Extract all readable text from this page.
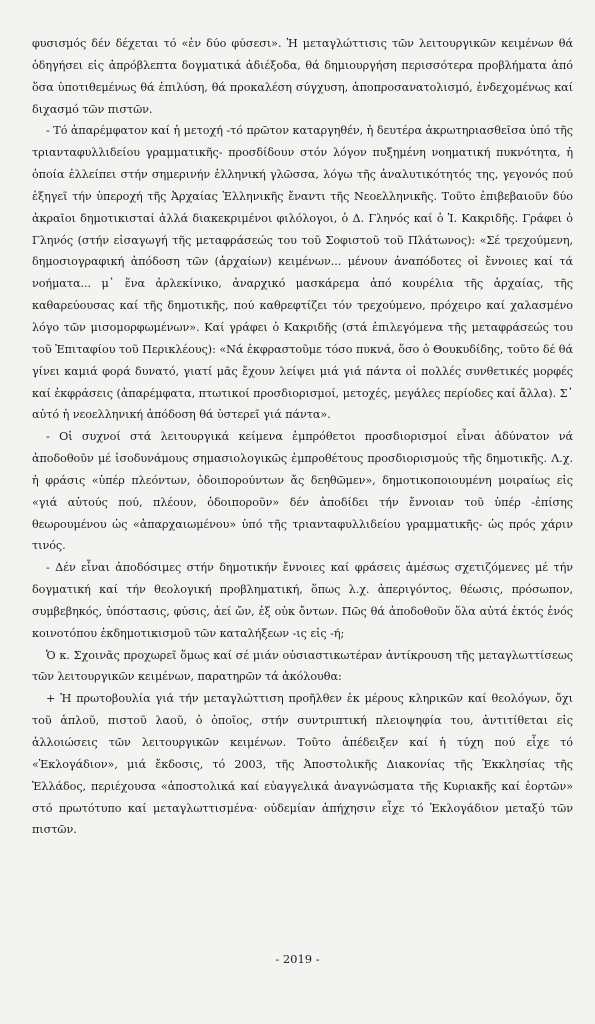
φυσισμός δέν δέχεται τό «ἐν δύο φύσεσι». Ἡ μεταγλώττισις τῶν λειτουργικῶν κειμένων θά ὁδηγήσει εἰς ἀπρόβλεπτα δογματικά ἀδιέξοδα, θά δημιουργήση περισσότερα προβλήματα ἀπό ὅσα ὑποτιθεμένως θά ἐπιλύση, θά προκαλέση σύγχυση, ἀποπροσανατολισμό, ἐνδεχομένως καί διχασμό τῶν πιστῶν.

- Τό ἀπαρέμφατον καί ἡ μετοχή -τό πρῶτον καταργηθέν, ἡ δευτέρα ἀκρωτηριασθεῖσα ὑπό τῆς τριανταφυλλιδείου γραμματικῆς- προσδίδουν στόν λόγον πυξημένη νοηματική πυκνότητα, ἡ ὁποία ἐλλείπει στήν σημερινήν ἑλληνική γλῶσσα, λόγω τῆς ἀναλυτικότητός της, γεγονός πού ἐξηγεῖ τήν ὑπεροχή τῆς Ἀρχαίας Ἑλληνικῆς ἔναντι τῆς Νεοελληνικῆς. Τοῦτο ἐπιβεβαιοῦν δύο ἀκραῖοι δημοτικισταί ἀλλά διακεκριμένοι φιλόλογοι, ὁ Δ. Γληνός καί ὁ Ἰ. Κακριδῆς. Γράφει ὁ Γληνός (στήν εἰσαγωγή τῆς μεταφράσεώς του τοῦ Σοφιστοῦ τοῦ Πλάτωνος): «Σέ τρεχούμενη, δημοσιογραφική ἀπόδοση τῶν (ἀρχαίων) κειμένων... μένουν ἀναπόδοτες οἱ ἔννοιες καί τά νοήματα... μ᾽ ἕνα ἀρλεκίνικο, ἀναρχικό μασκάρεμα ἀπό κουρέλια τῆς ἀρχαίας, τῆς καθαρεύουσας καί τῆς δημοτικῆς, πού καθρεφτίζει τόν τρεχούμενο, πρόχειρο καί χαλασμένο λόγο τῶν μισομορφωμένων». Καί γράφει ὁ Κακριδῆς (στά ἐπιλεγόμενα τῆς μεταφράσεώς του τοῦ Ἐπιταφίου τοῦ Περικλέους): «Νά ἐκφραστοῦμε τόσο πυκνά, ὅσο ὁ Θουκυδίδης, τοῦτο δέ θά γίνει καμιά φορά δυνατό, γιατί μᾶς ἔχουν λείψει μιά γιά πάντα οἱ πολλές συνθετικές μορφές καί ἐκφράσεις (ἀπαρέμφατα, πτωτικοί προσδιορισμοί, μετοχές, μεγάλες περίοδες καί ἄλλα). Σ᾽ αὐτό ἡ νεοελληνική ἀπόδοση θά ὑστερεῖ γιά πάντα».

- Οἱ συχνοί στά λειτουργικά κείμενα ἐμπρόθετοι προσδιορισμοί εἶναι ἀδύνατον νά ἀποδοθοῦν μέ ἰσοδυνάμους σημασιολογικῶς ἐμπροθέτους προσδιορισμούς τῆς δημοτικῆς. Λ.χ. ἡ φράσις «ὑπέρ πλεόντων, ὁδοιπορούντων ἄς δεηθῶμεν», δημοτικοποιουμένη μοιραίως εἰς «γιά αὐτούς πού, πλέουν, ὁδοιποροῦν» δέν ἀποδίδει τήν ἔννοιαν τοῦ ὑπέρ -ἐπίσης θεωρουμένου ὡς «ἀπαρχαιωμένου» ὑπό τῆς τριανταφυλλιδείου γραμματικῆς- ὡς πρός χάριν τινός.

- Δέν εἶναι ἀποδόσιμες στήν δημοτικήν ἔννοιες καί φράσεις ἀμέσως σχετιζόμενες μέ τήν δογματική καί τήν θεολογική προβληματική, ὅπως λ.χ. ἀπεριγόντος, θέωσις, πρόσωπον, συμβεβηκός, ὑπόστασις, φύσις, ἀεί ὤν, ἐξ οὐκ ὄντων. Πῶς θά ἀποδοθοῦν ὅλα αὐτά ἐκτός ἑνός κοινοτόπου ἐκδημοτικισμοῦ τῶν καταλήξεων -ις εἰς -ή;

Ὁ κ. Σχοινᾶς προχωρεῖ ὅμως καί σέ μιάν οὐσιαστικωτέραν ἀντίκρουση τῆς μεταγλωττίσεως τῶν λειτουργικῶν κειμένων, παρατηρῶν τά ἀκόλουθα:

+ Ἡ πρωτοβουλία γιά τήν μεταγλώττιση προῆλθεν ἐκ μέρους κληρικῶν καί θεολόγων, ὄχι τοῦ ἁπλοῦ, πιστοῦ λαοῦ, ὁ ὁποῖος, στήν συντριπτική πλειοψηφία του, ἀντιτίθεται εἰς ἀλλοιώσεις τῶν λειτουργικῶν κειμένων. Τοῦτο ἀπέδειξεν καί ἡ τύχη πού εἶχε τό «Ἐκλογάδιον», μιά ἔκδοσις, τό 2003, τῆς Ἀποστολικῆς Διακονίας τῆς Ἐκκλησίας τῆς Ἑλλάδος, περιέχουσα «ἀποστολικά καί εὐαγγελικά ἀναγνώσματα τῆς Κυριακῆς καί ἑορτῶν» στό πρωτότυπο καί μεταγλωττισμένα· οὐδεμίαν ἀπήχησιν εἶχε τό Ἐκλογάδιον μεταξύ τῶν πιστῶν.

- 2019 -
